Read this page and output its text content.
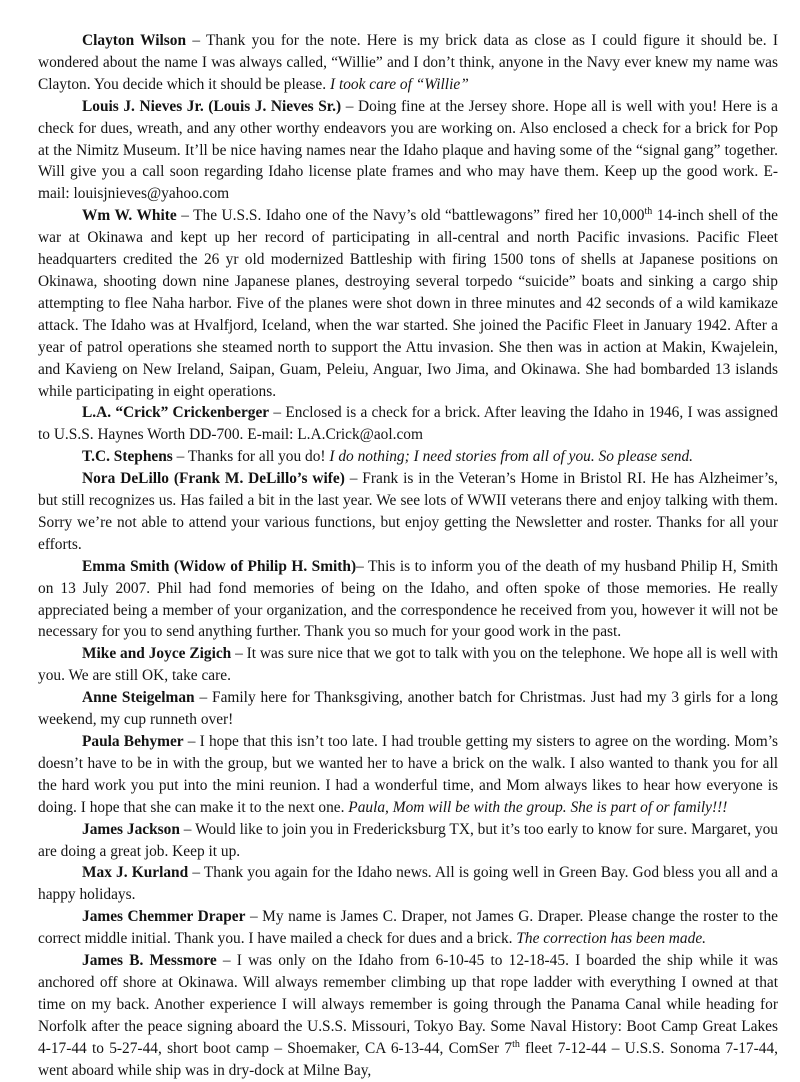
Clayton Wilson – Thank you for the note. Here is my brick data as close as I could figure it should be. I wondered about the name I was always called, “Willie” and I don’t think, anyone in the Navy ever knew my name was Clayton. You decide which it should be please. I took care of “Willie”

Louis J. Nieves Jr. (Louis J. Nieves Sr.) – Doing fine at the Jersey shore. Hope all is well with you! Here is a check for dues, wreath, and any other worthy endeavors you are working on. Also enclosed a check for a brick for Pop at the Nimitz Museum. It’ll be nice having names near the Idaho plaque and having some of the “signal gang” together. Will give you a call soon regarding Idaho license plate frames and who may have them. Keep up the good work. E-mail: louisjnieves@yahoo.com

Wm W. White – The U.S.S. Idaho one of the Navy’s old “battlewagons” fired her 10,000th 14-inch shell of the war at Okinawa and kept up her record of participating in all-central and north Pacific invasions. Pacific Fleet headquarters credited the 26 yr old modernized Battleship with firing 1500 tons of shells at Japanese positions on Okinawa, shooting down nine Japanese planes, destroying several torpedo “suicide” boats and sinking a cargo ship attempting to flee Naha harbor. Five of the planes were shot down in three minutes and 42 seconds of a wild kamikaze attack. The Idaho was at Hvalfjord, Iceland, when the war started. She joined the Pacific Fleet in January 1942. After a year of patrol operations she steamed north to support the Attu invasion. She then was in action at Makin, Kwajelein, and Kavieng on New Ireland, Saipan, Guam, Peleiu, Anguar, Iwo Jima, and Okinawa. She had bombarded 13 islands while participating in eight operations.

L.A. “Crick” Crickenberger – Enclosed is a check for a brick. After leaving the Idaho in 1946, I was assigned to U.S.S. Haynes Worth DD-700. E-mail: L.A.Crick@aol.com

T.C. Stephens – Thanks for all you do! I do nothing; I need stories from all of you. So please send.

Nora DeLillo (Frank M. DeLillo’s wife) – Frank is in the Veteran’s Home in Bristol RI. He has Alzheimer’s, but still recognizes us. Has failed a bit in the last year. We see lots of WWII veterans there and enjoy talking with them. Sorry we’re not able to attend your various functions, but enjoy getting the Newsletter and roster. Thanks for all your efforts.

Emma Smith (Widow of Philip H. Smith)– This is to inform you of the death of my husband Philip H, Smith on 13 July 2007. Phil had fond memories of being on the Idaho, and often spoke of those memories. He really appreciated being a member of your organization, and the correspondence he received from you, however it will not be necessary for you to send anything further. Thank you so much for your good work in the past.

Mike and Joyce Zigich – It was sure nice that we got to talk with you on the telephone. We hope all is well with you. We are still OK, take care.

Anne Steigelman – Family here for Thanksgiving, another batch for Christmas. Just had my 3 girls for a long weekend, my cup runneth over!

Paula Behymer – I hope that this isn’t too late. I had trouble getting my sisters to agree on the wording. Mom’s doesn’t have to be in with the group, but we wanted her to have a brick on the walk. I also wanted to thank you for all the hard work you put into the mini reunion. I had a wonderful time, and Mom always likes to hear how everyone is doing. I hope that she can make it to the next one. Paula, Mom will be with the group. She is part of or family!!!

James Jackson – Would like to join you in Fredericksburg TX, but it’s too early to know for sure. Margaret, you are doing a great job. Keep it up.

Max J. Kurland – Thank you again for the Idaho news. All is going well in Green Bay. God bless you all and a happy holidays.

James Chemmer Draper – My name is James C. Draper, not James G. Draper. Please change the roster to the correct middle initial. Thank you. I have mailed a check for dues and a brick. The correction has been made.

James B. Messmore – I was only on the Idaho from 6-10-45 to 12-18-45. I boarded the ship while it was anchored off shore at Okinawa. Will always remember climbing up that rope ladder with everything I owned at that time on my back. Another experience I will always remember is going through the Panama Canal while heading for Norfolk after the peace signing aboard the U.S.S. Missouri, Tokyo Bay. Some Naval History: Boot Camp Great Lakes 4-17-44 to 5-27-44, short boot camp – Shoemaker, CA 6-13-44, ComSer 7th fleet 7-12-44 – U.S.S. Sonoma 7-17-44, went aboard while ship was in dry-dock at Milne Bay,
